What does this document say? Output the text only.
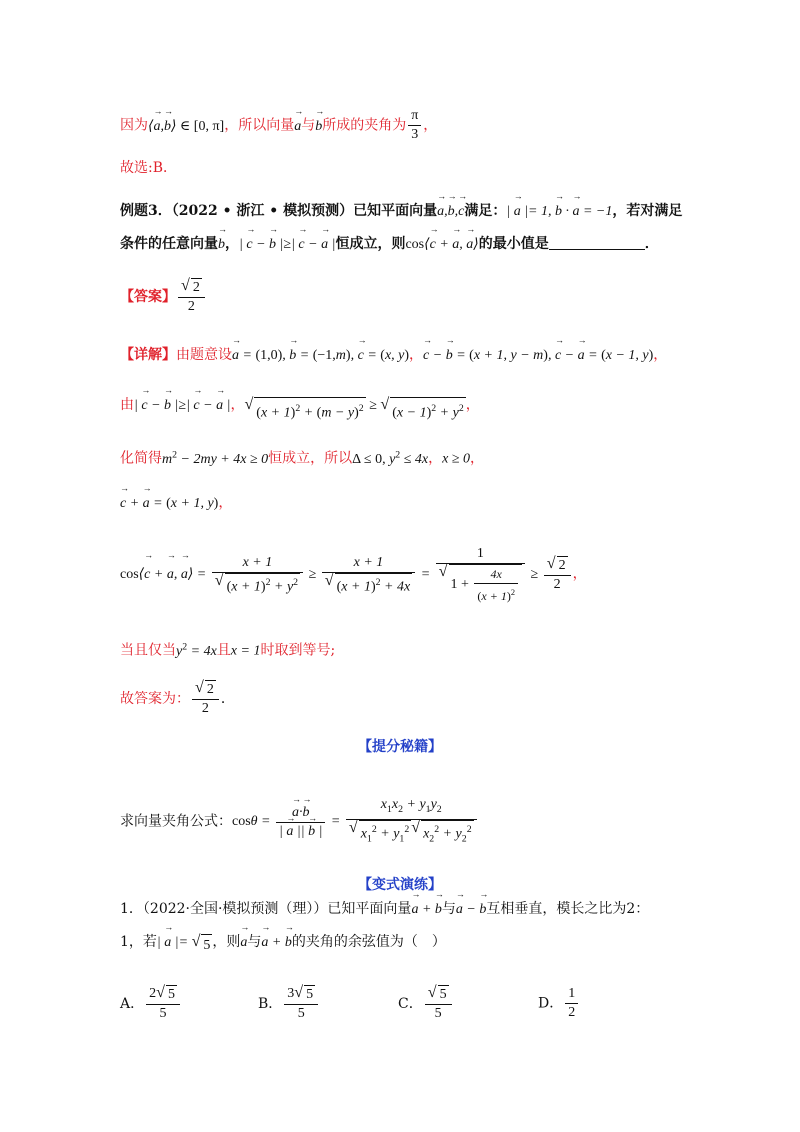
因为⟨→ a,→ b⟩ ∈ [0, π]，所以向量→ a与→ b所成的夹角为 $\frac{\pi}{3}$ ，
故选:B．
例题3．（2022 • 浙江 • 模拟预测）已知平面向量→ a,→ b,→ c满足：| → a |= 1, → b · → a = −1，若对满足
条件的任意向量→ b，| → c − → b |≥| → c − → a |恒成立，则cos⟨→ c + → a, → a⟩的最小值是	．
【答案】 $\frac{√ 2}{2}$
【详解】由题意设→ a = (1,0), → b = (−1,m), → c = (x, y)，→ c − → b = (x + 1, y − m), → c − → a = (x − 1, y)，
由| → c − → b |≥| → c − → a |， √
$(x + 1)^2 + (m - y)^2$ ≥ √
$(x - 1)^2 + y^2$ ，
化简得$m^2 - 2my + 4x \ge 0$恒成立，所以Δ ≤ 0, $y^2 \le 4x$，x ≥ 0，
→ c + → a = (x + 1, y)，
cos⟨→ c + → a, → a⟩ = $\frac{x + 1}{√ (x + 1)^2 + y^2} \ge \frac{x + 1}{√ (x + 1)^2 + 4x} = 1$
√
$1 + \frac{4x}{(x + 1)^2} \ge \frac{√ 2}{2}$ ，
当且仅当$y^2 = 4x$且x = 1时取到等号;
故答案为： $\frac{√ 2}{2}$ ．
【提分秘籍】
求向量夹角公式：cosθ =
→ $\frac{a\cdot\to b}{| \to a || \to b |} = \frac{x_1x_2 + y_1y_2}{√ x_1^2 + y_1^2 √ x_2^2 + y_2^2}$
【变式演练】
1．（2022·全国·模拟预测（理））已知平面向量→ a + → b与→ a − → b互相垂直，模长之比为2：
1，若| → a |= √ 5 ，则→ a与→ a + → b的夹角的余弦值为（　）
A． $\frac{2 √ 5}{5}$	B． $\frac{3 √ 5}{5}$	C． $\frac{√ 5}{5}$	D． $\frac{1}{2}$
